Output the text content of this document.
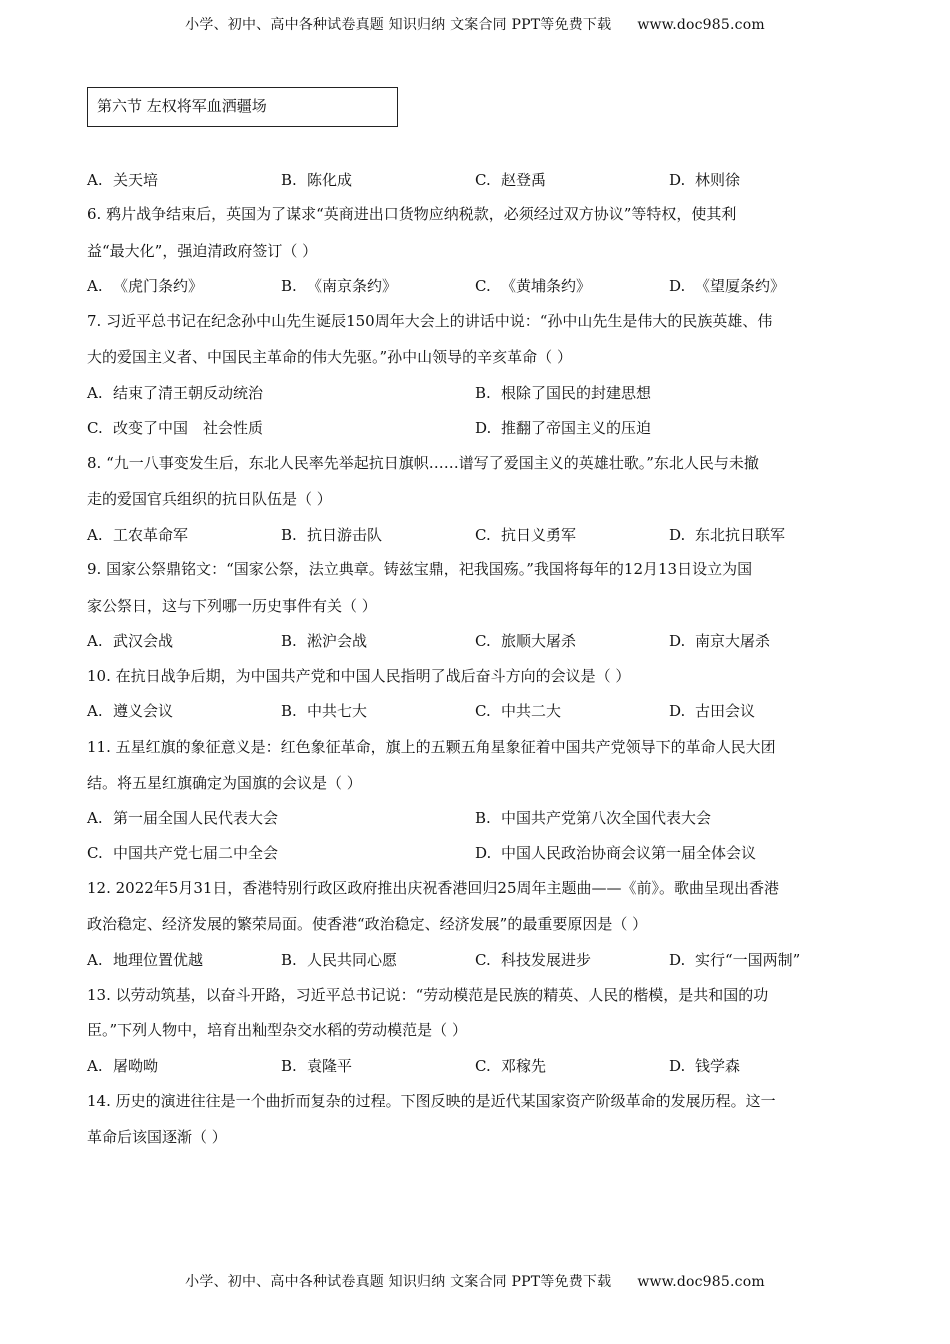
小学、初中、高中各种试卷真题 知识归纳 文案合同 PPT等免费下载 www.doc985.com
第六节 左权将军血洒疆场
A. 关天培	B. 陈化成	C. 赵登禹	D. 林则徐
6. 鸦片战争结束后，英国为了谋求“英商进出口货物应纳税款，必须经过双方协议”等特权，使其利
益“最大化”，强迫清政府签订（ ）
A. 《虎门条约》	B. 《南京条约》	C. 《黄埔条约》	D. 《望厦条约》
7. 习近平总书记在纪念孙中山先生诞辰150周年大会上的讲话中说：“孙中山先生是伟大的民族英雄、伟
大的爱国主义者、中国民主革命的伟大先驱。”孙中山领导的辛亥革命（ ）
A. 结束了清王朝反动统治	B. 根除了国民的封建思想
C. 改变了中国　社会性质	D. 推翻了帝国主义的压迫
8. “九一八事变发生后，东北人民率先举起抗日旗帜……谱写了爱国主义的英雄壮歌。”东北人民与未撤
走的爱国官兵组织的抗日队伍是（ ）
A. 工农革命军	B. 抗日游击队	C. 抗日义勇军	D. 东北抗日联军
9. 国家公祭鼎铭文：“国家公祭，法立典章。铸兹宝鼎，祀我国殇。”我国将每年的12月13日设立为国
家公祭日，这与下列哪一历史事件有关（ ）
A. 武汉会战	B. 淞沪会战	C. 旅顺大屠杀	D. 南京大屠杀
10. 在抗日战争后期，为中国共产党和中国人民指明了战后奋斗方向的会议是（ ）
A. 遵义会议	B. 中共七大	C. 中共二大	D. 古田会议
11. 五星红旗的象征意义是：红色象征革命，旗上的五颗五角星象征着中国共产党领导下的革命人民大团
结。将五星红旗确定为国旗的会议是（ ）
A. 第一届全国人民代表大会	B. 中国共产党第八次全国代表大会
C. 中国共产党七届二中全会	D. 中国人民政治协商会议第一届全体会议
12. 2022年5月31日，香港特别行政区政府推出庆祝香港回归25周年主题曲——《前》。歌曲呈现出香港
政治稳定、经济发展的繁荣局面。使香港“政治稳定、经济发展”的最重要原因是（ ）
A. 地理位置优越	B. 人民共同心愿	C. 科技发展进步	D. 实行“一国两制”
13. 以劳动筑基，以奋斗开路，习近平总书记说：“劳动模范是民族的精英、人民的楷模，是共和国的功
臣。”下列人物中，培育出籼型杂交水稻的劳动模范是（ ）
A. 屠呦呦	B. 袁隆平	C. 邓稼先	D. 钱学森
14. 历史的演进往往是一个曲折而复杂的过程。下图反映的是近代某国家资产阶级革命的发展历程。这一
革命后该国逐渐（ ）
小学、初中、高中各种试卷真题 知识归纳 文案合同 PPT等免费下载 www.doc985.com
